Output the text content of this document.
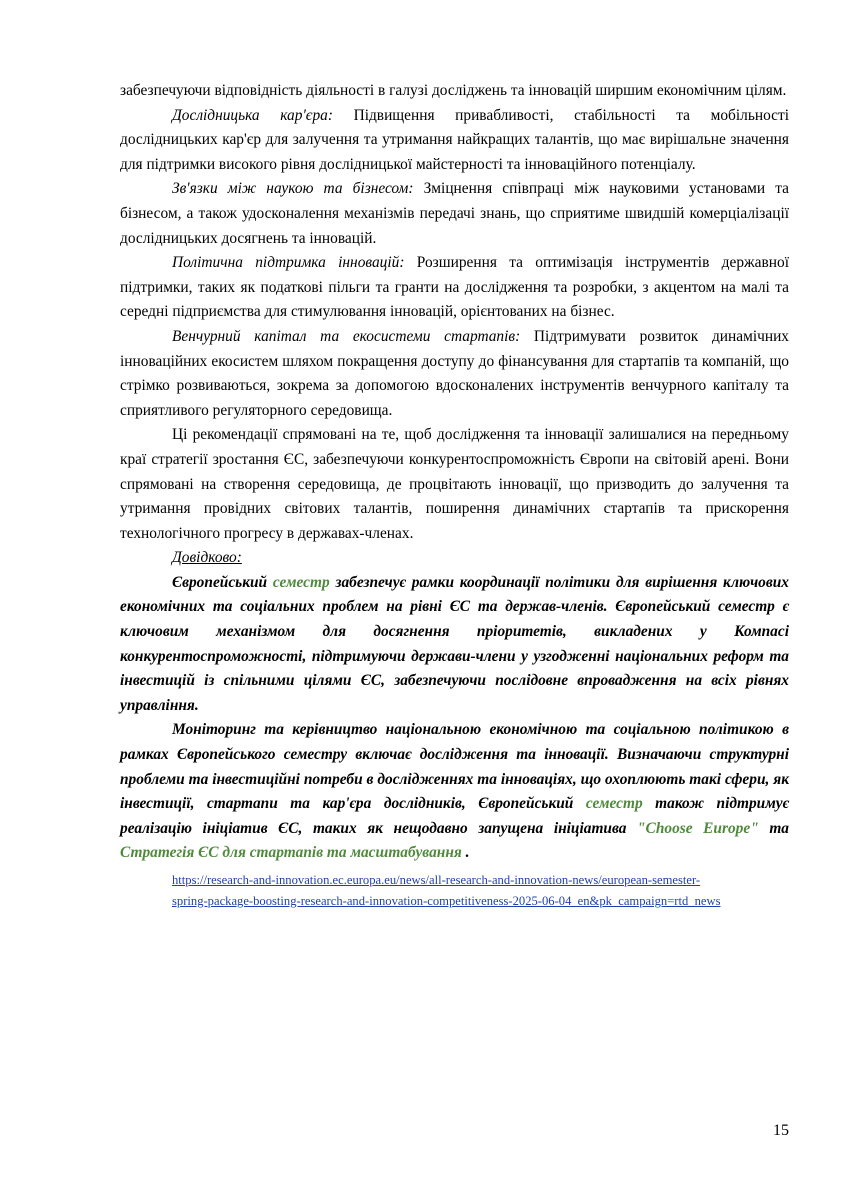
забезпечуючи відповідність діяльності в галузі досліджень та інновацій ширшим економічним цілям.

Дослідницька кар'єра: Підвищення привабливості, стабільності та мобільності дослідницьких кар'єр для залучення та утримання найкращих талантів, що має вирішальне значення для підтримки високого рівня дослідницької майстерності та інноваційного потенціалу.

Зв'язки між наукою та бізнесом: Зміцнення співпраці між науковими установами та бізнесом, а також удосконалення механізмів передачі знань, що сприятиме швидшій комерціалізації дослідницьких досягнень та інновацій.

Політична підтримка інновацій: Розширення та оптимізація інструментів державної підтримки, таких як податкові пільги та гранти на дослідження та розробки, з акцентом на малі та середні підприємства для стимулювання інновацій, орієнтованих на бізнес.

Венчурний капітал та екосистеми стартапів: Підтримувати розвиток динамічних інноваційних екосистем шляхом покращення доступу до фінансування для стартапів та компаній, що стрімко розвиваються, зокрема за допомогою вдосконалених інструментів венчурного капіталу та сприятливого регуляторного середовища.

Ці рекомендації спрямовані на те, щоб дослідження та інновації залишалися на передньому краї стратегії зростання ЄС, забезпечуючи конкурентоспроможність Європи на світовій арені. Вони спрямовані на створення середовища, де процвітають інновації, що призводить до залучення та утримання провідних світових талантів, поширення динамічних стартапів та прискорення технологічного прогресу в державах-членах.

Довідково:

Європейський семестр забезпечує рамки координації політики для вирішення ключових економічних та соціальних проблем на рівні ЄС та держав-членів. Європейський семестр є ключовим механізмом для досягнення пріоритетів, викладених у Компасі конкурентоспроможності, підтримуючи держави-члени у узгодженні національних реформ та інвестицій із спільними цілями ЄС, забезпечуючи послідовне впровадження на всіх рівнях управління.

Моніторинг та керівництво національною економічною та соціальною політикою в рамках Європейського семестру включає дослідження та інновації. Визначаючи структурні проблеми та інвестиційні потреби в дослідженнях та інноваціях, що охоплюють такі сфери, як інвестиції, стартапи та кар'єра дослідників, Європейський семестр також підтримує реалізацію ініціатив ЄС, таких як нещодавно запущена ініціатива "Choose Europe" та Стратегія ЄС для стартапів та масштабування .

https://research-and-innovation.ec.europa.eu/news/all-research-and-innovation-news/european-semester-
spring-package-boosting-research-and-innovation-competitiveness-2025-06-04_en&pk_campaign=rtd_news
15
